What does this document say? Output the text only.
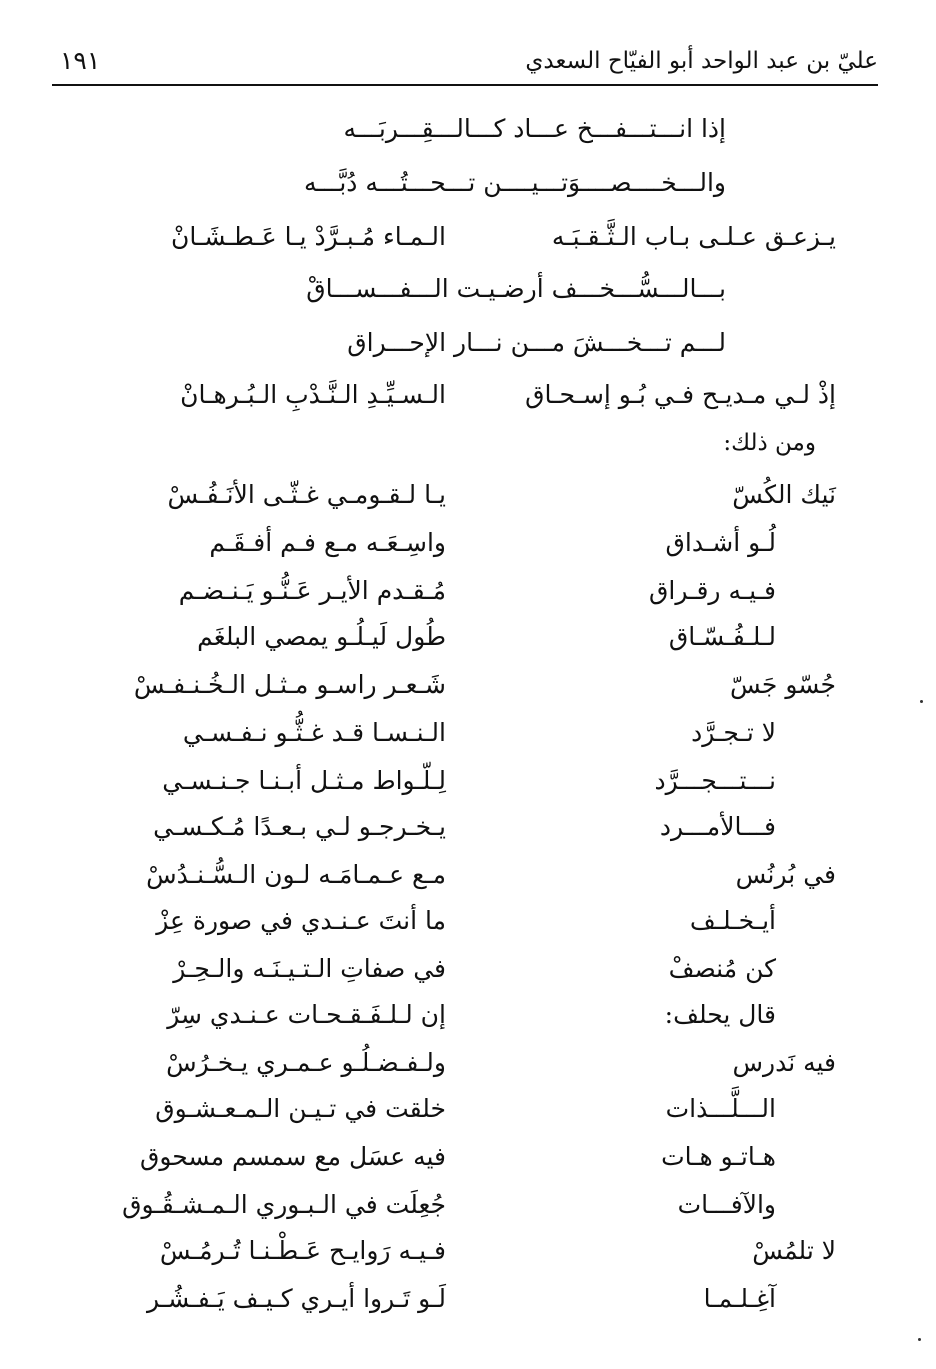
١٩١	عليّ بن عبد الواحد أبو الفيّاح السعدي
إذا انـــتـــفـــخ عـــاد كـــالـــقِـــربَـــه
والـــخــــصــــوَتـــيــــن تـــحـــتُـــه دُبَّـــه
يـزعـق عـلـى بـاب الـثَّـقـبَـه
الـمـاء مُـبـرَّدْ يـا عَـطـشَـانْ
بـــالـــسُّـــخـــف أرضـيـت الـــفـــســـاقْ
لـــم تـــخـــشَ مـــن نـــار الإحـــراق
إذْ لـي مـديـح فـي بُـو إسـحـاق
الـسـيِّـدِ الـنَّـدْبِ الـبُـرهـانْ
ومن ذلك:
نَيك الكُسّ
يـا لـقـومـي غـثّـى الأنَـفُـسْ
لُـو أشـداق
واسِـعَـه مـع فـم أفـقَـم
فـيـه رقـراق
مُـقـدم الأيـر عَـنُّـو يَـنـضـم
لـلـفُـسّـاق
طُول لَيـلُـو يمصي البلغَم
جُسّو جَسّ
شَـعـر راسـو مـثـل الـخُـنـفـسْ
لا تـجـرَّد
الـنـسـا قـد غـثُّـو نـفـسـي
نـــتـــجـــرَّد
لِـلّـواط مـثـل أبـنـا جـنـسـي
فـــالأمـــرد
يـخـرجـو لـي بـعـدًا مُـكـسـي
في بُرنُس
مـع عـمـامَـه لـون الـسُّـنـدُسْ
أيـخـلـف
ما أنتَ عـنـدي في صورة عِزْ
كن مُنصفْ
في صفاتِ الـتـيـنَـه والـحِـرْ
قال يحلف:
إن لـلـفَـقـحـات عـنـدي سِرّ
فيه نَدرس
ولـفـضـلُـو عـمـري يـخـرُسْ
الـــلَّـــذات
خلقت في تـيـن الـمـعـشـوق
هـاتـو هـات
فيه عسَل مع سمسم مسحوق
والآفـــات
جُعِلَت في الـبـوري الـمـشـقُـوق
لا تلمُسْ
فـيـه رَوايـح عَـطْـنـا تُـرمُـسْ
آغِـلـمـا
لَـو تَـروا أيـري كـيـف يَـفـشُـر
